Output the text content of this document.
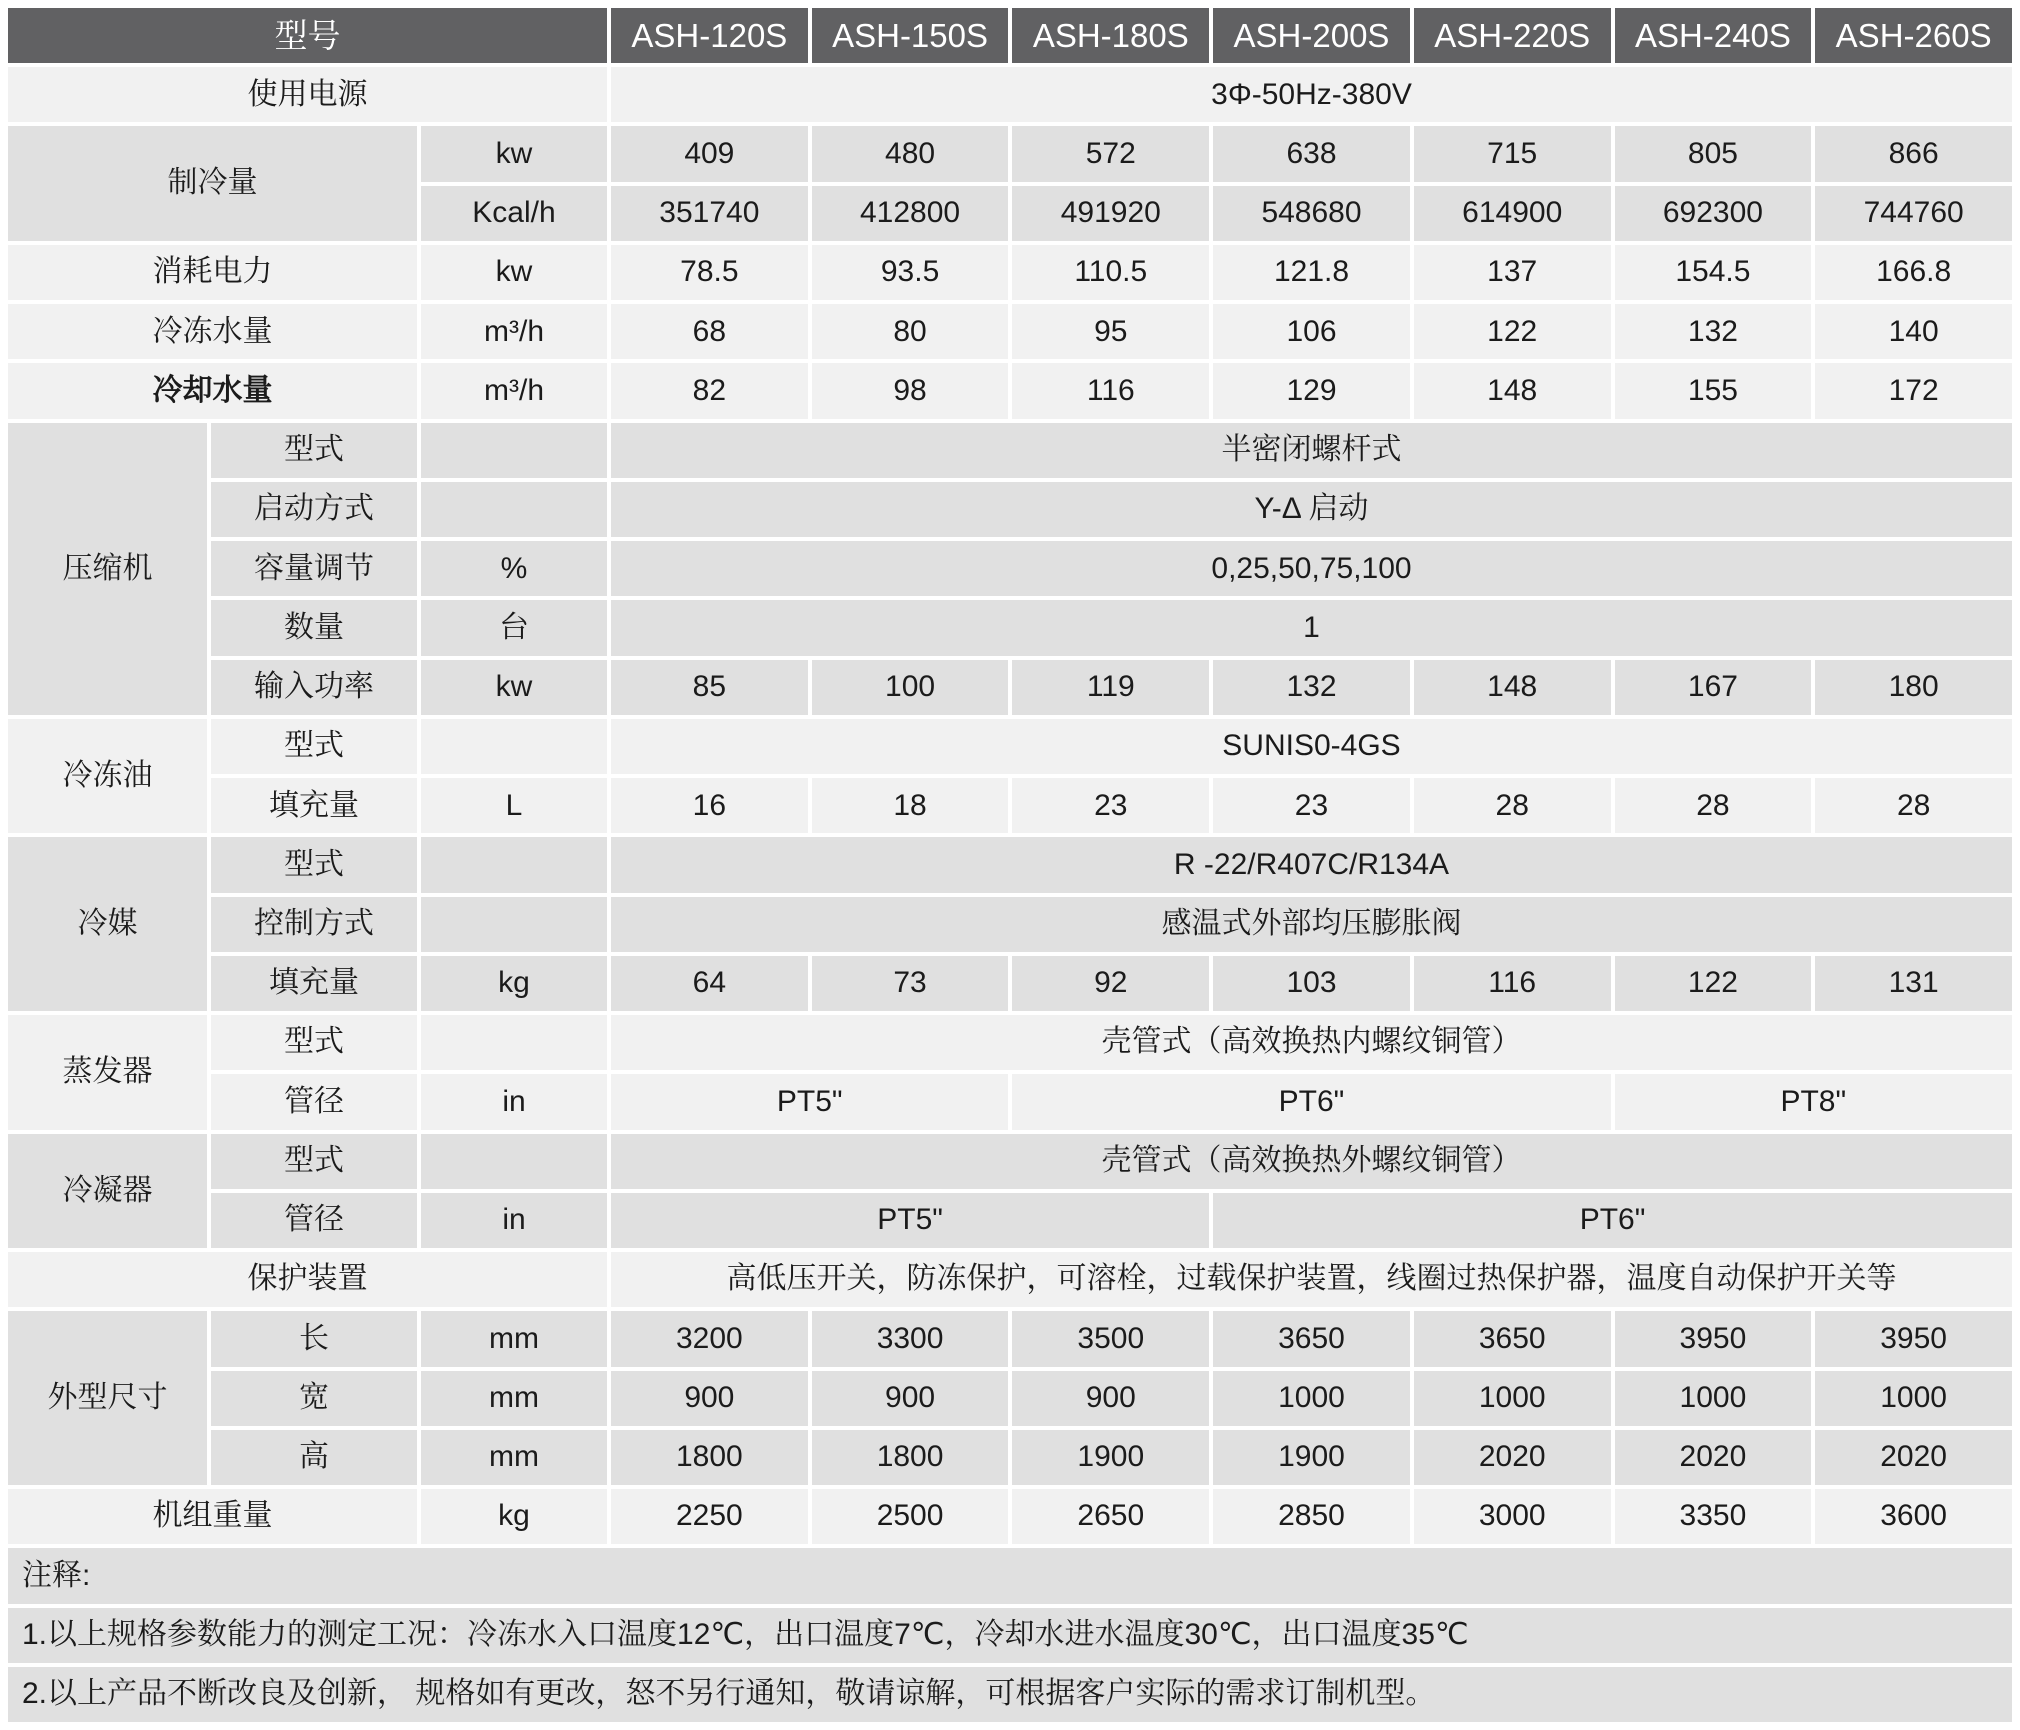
型号	ASH-120S	ASH-150S	ASH-180S	ASH-200S	ASH-220S	ASH-240S	ASH-260S
使用电源	3Φ-50Hz-380V
制冷量
kw	409	480	572	638	715	805	866
Kcal/h	351740	412800	491920	548680	614900	692300	744760
消耗电力	kw	78.5	93.5	110.5	121.8	137	154.5	166.8
冷冻水量	m³/h	68	80	95	106	122	132	140
冷却水量	m³/h	82	98	116	129	148	155	172
压缩机
型式	半密闭螺杆式
启动方式	Y-Δ 启动
容量调节	%	0,25,50,75,100
数量	台	1
输入功率	kw	85	100	119	132	148	167	180
冷冻油
型式	SUNIS0-4GS
填充量	L	16	18	23	23	28	28	28
冷媒
型式	R -22/R407C/R134A
控制方式	感温式外部均压膨胀阀
填充量	kg	64	73	92	103	116	122	131
蒸发器
型式	壳管式（高效换热内螺纹铜管）
管径	in	PT5"	PT6"	PT8"
冷凝器
型式	壳管式（高效换热外螺纹铜管）
管径	in	PT5"	PT6"
保护装置	高低压开关，防冻保护，可溶栓，过载保护装置，线圈过热保护器，温度自动保护开关等
外型尺寸
长	mm	3200	3300	3500	3650	3650	3950	3950
宽	mm	900	900	900	1000	1000	1000	1000
高	mm	1800	1800	1900	1900	2020	2020	2020
机组重量	kg	2250	2500	2650	2850	3000	3350	3600
注释:
1.以上规格参数能力的测定工况：冷冻水入口温度12℃，出口温度7℃，冷却水进水温度30℃，出口温度35℃
2.以上产品不断改良及创新， 规格如有更改，怒不另行通知，敬请谅解，可根据客户实际的需求订制机型。
